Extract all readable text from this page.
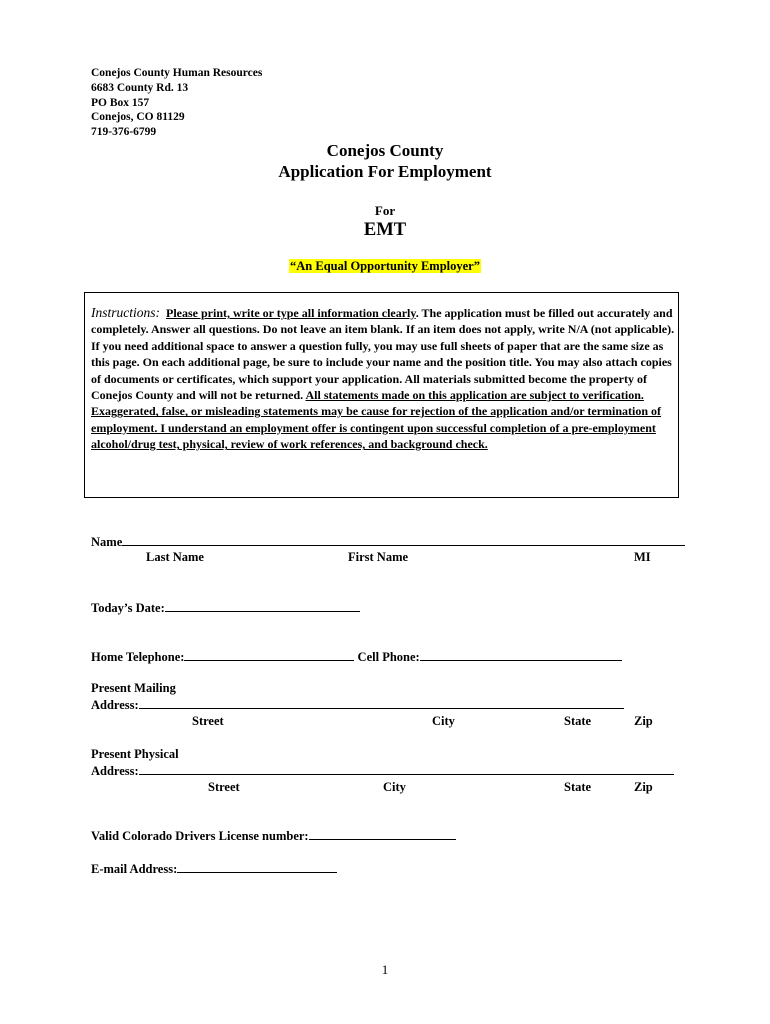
Conejos County Human Resources
6683 County Rd. 13
PO Box 157
Conejos, CO 81129
719-376-6799
Conejos County
Application For Employment
For
EMT
“An Equal Opportunity Employer”
Instructions: Please print, write or type all information clearly. The application must be filled out accurately and completely. Answer all questions. Do not leave an item blank. If an item does not apply, write N/A (not applicable). If you need additional space to answer a question fully, you may use full sheets of paper that are the same size as this page. On each additional page, be sure to include your name and the position title. You may also attach copies of documents or certificates, which support your application. All materials submitted become the property of Conejos County and will not be returned. All statements made on this application are subject to verification. Exaggerated, false, or misleading statements may be cause for rejection of the application and/or termination of employment. I understand an employment offer is contingent upon successful completion of a pre-employment alcohol/drug test, physical, review of work references, and background check.
Name
Last Name	First Name	MI
Today’s Date:
Home Telephone:	Cell Phone:
Present Mailing
Address:
Street	City	State	Zip
Present Physical
Address:
Street	City	State	Zip
Valid Colorado Drivers License number:
E-mail Address:
1
